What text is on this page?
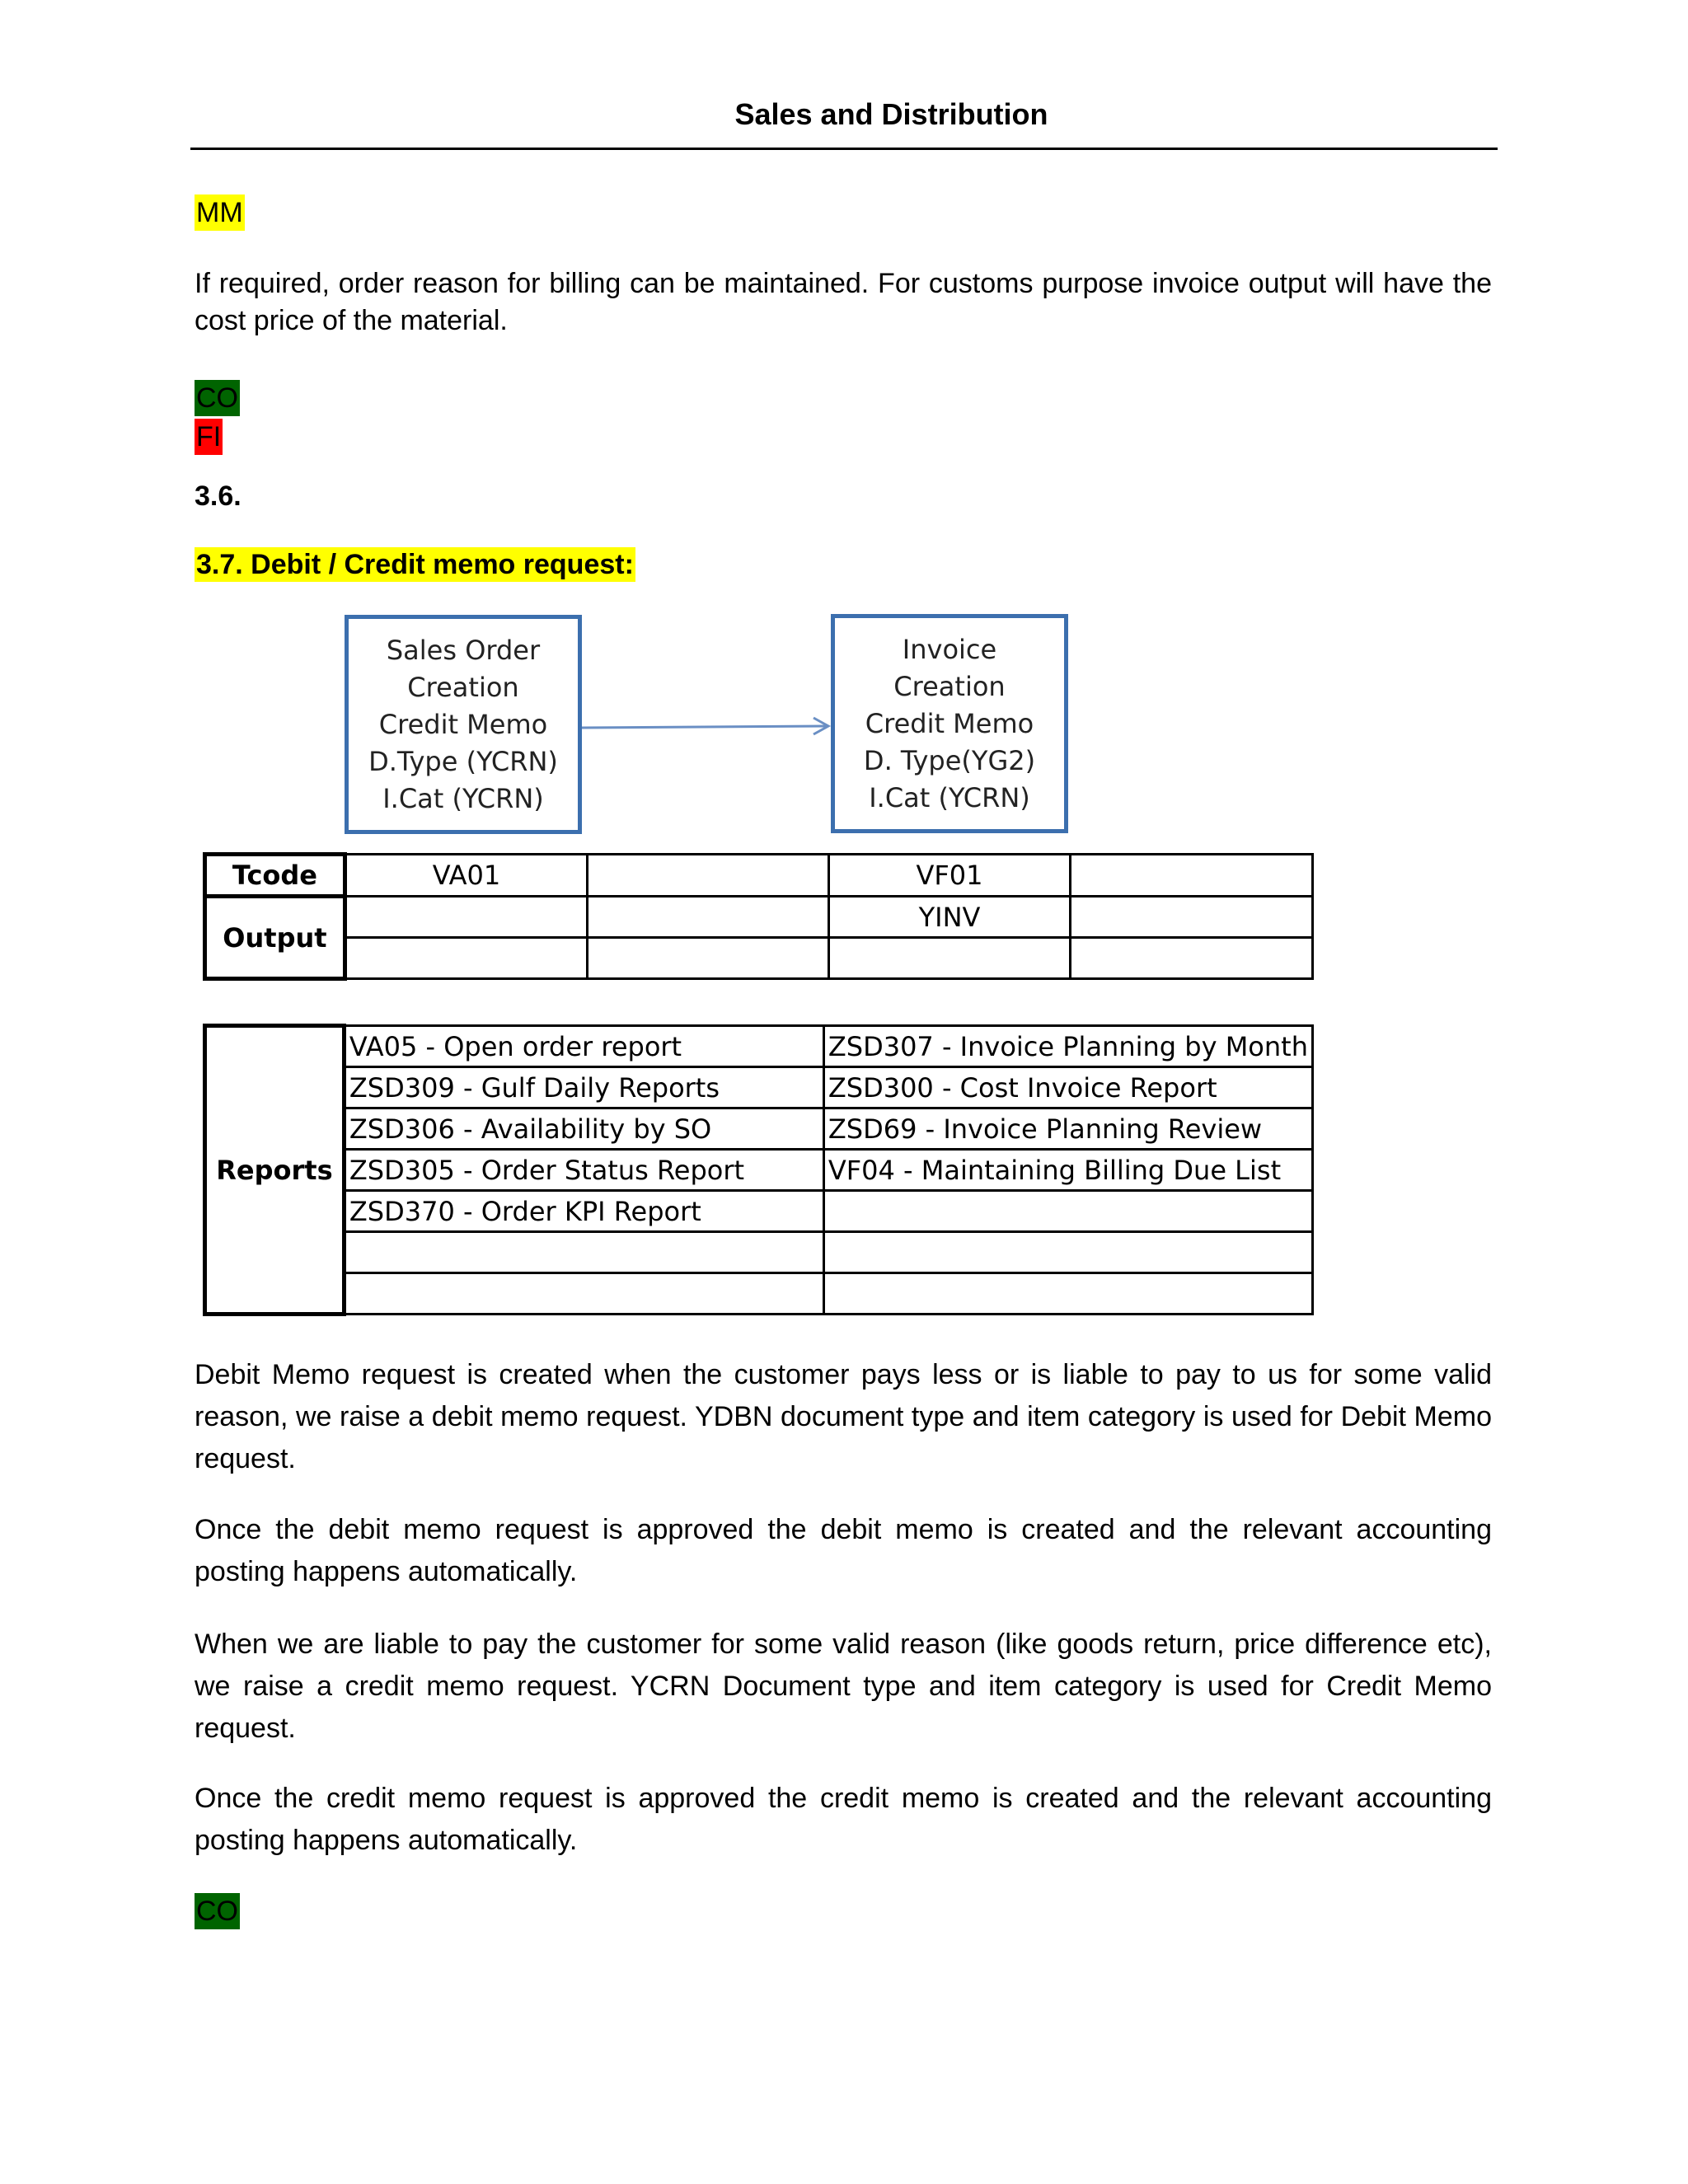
Sales and Distribution
MM
If required, order reason for billing can be maintained. For customs purpose invoice output will have the cost price of the material.
CO
FI
3.6.
3.7. Debit / Credit memo request:
Sales Order
Creation
Credit Memo
D.Type (YCRN)
I.Cat (YCRN)
Invoice
Creation
Credit Memo
D. Type(YG2)
I.Cat (YCRN)
Tcode	VA01		VF01	
Output			YINV	

Reports	VA05 - Open order report	ZSD307 - Invoice Planning by Month
	ZSD309 - Gulf Daily Reports	ZSD300 - Cost Invoice Report
	ZSD306 - Availability by SO	ZSD69 - Invoice Planning Review
	ZSD305 - Order Status Report	VF04 - Maintaining Billing Due List
	ZSD370 - Order KPI Report	

Debit Memo request is created when the customer pays less or is liable to pay to us for some valid reason, we raise a debit memo request. YDBN document type and item category is used for Debit Memo request.
Once the debit memo request is approved the debit memo is created and the relevant accounting posting happens automatically.
When we are liable to pay the customer for some valid reason (like goods return, price difference etc), we raise a credit memo request. YCRN Document type and item category is used for Credit Memo request.
Once the credit memo request is approved the credit memo is created and the relevant accounting posting happens automatically.
CO
